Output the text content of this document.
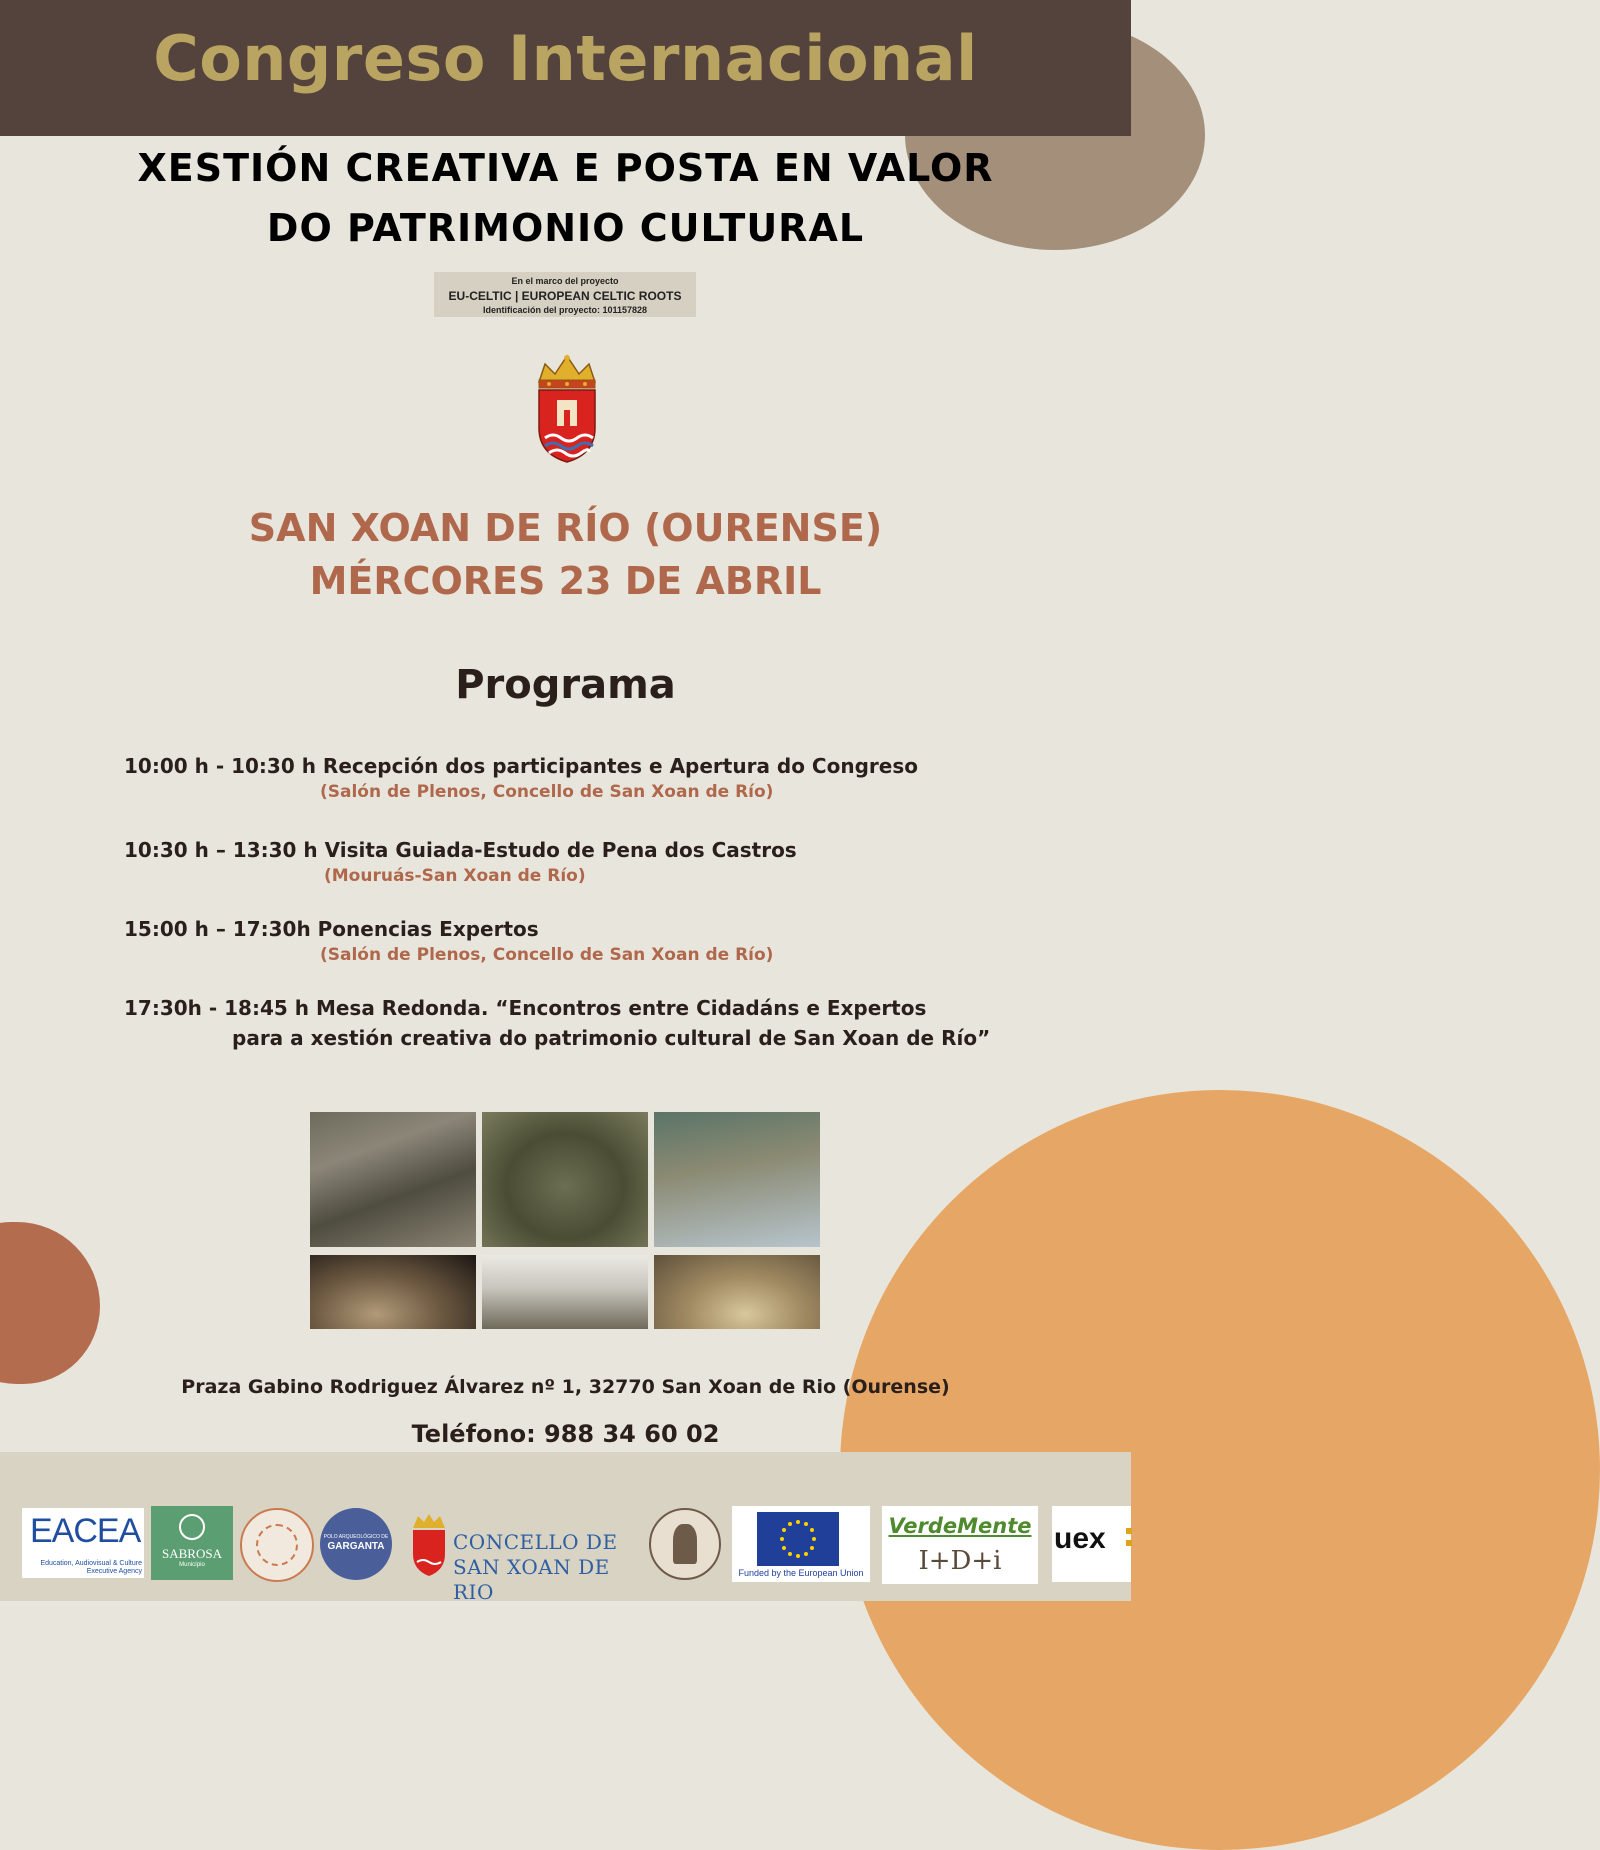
Congreso Internacional
XESTIÓN CREATIVA E POSTA EN VALOR
DO PATRIMONIO CULTURAL
En el marco del proyecto
EU-CELTIC | EUROPEAN CELTIC ROOTS
Identificación del proyecto: 101157828
SAN XOAN DE RÍO (OURENSE)
MÉRCORES 23 DE ABRIL
Programa
10:00 h - 10:30 h Recepción dos participantes e Apertura do Congreso
(Salón de Plenos, Concello de San Xoan de Río)
10:30 h – 13:30 h Visita Guiada-Estudo de Pena dos Castros
(Mouruás-San Xoan de Río)
15:00 h – 17:30h Ponencias Expertos
(Salón de Plenos, Concello de San Xoan de Río)
17:30h - 18:45 h Mesa Redonda. “Encontros entre Cidadáns e Expertos
para a xestión creativa do patrimonio cultural de San Xoan de Río”
Praza Gabino Rodriguez Álvarez nº 1, 32770 San Xoan de Rio (Ourense)
Teléfono: 988 34 60 02
EACEA
Education, Audiovisual & Culture Executive Agency
SABROSA
Município
POLO ARQUEOLÓGICO DE
GARGANTA	CONCELLO DE
SAN XOAN DE RIO
Funded by the European Union
VerdeMente
I+D+i
uex
